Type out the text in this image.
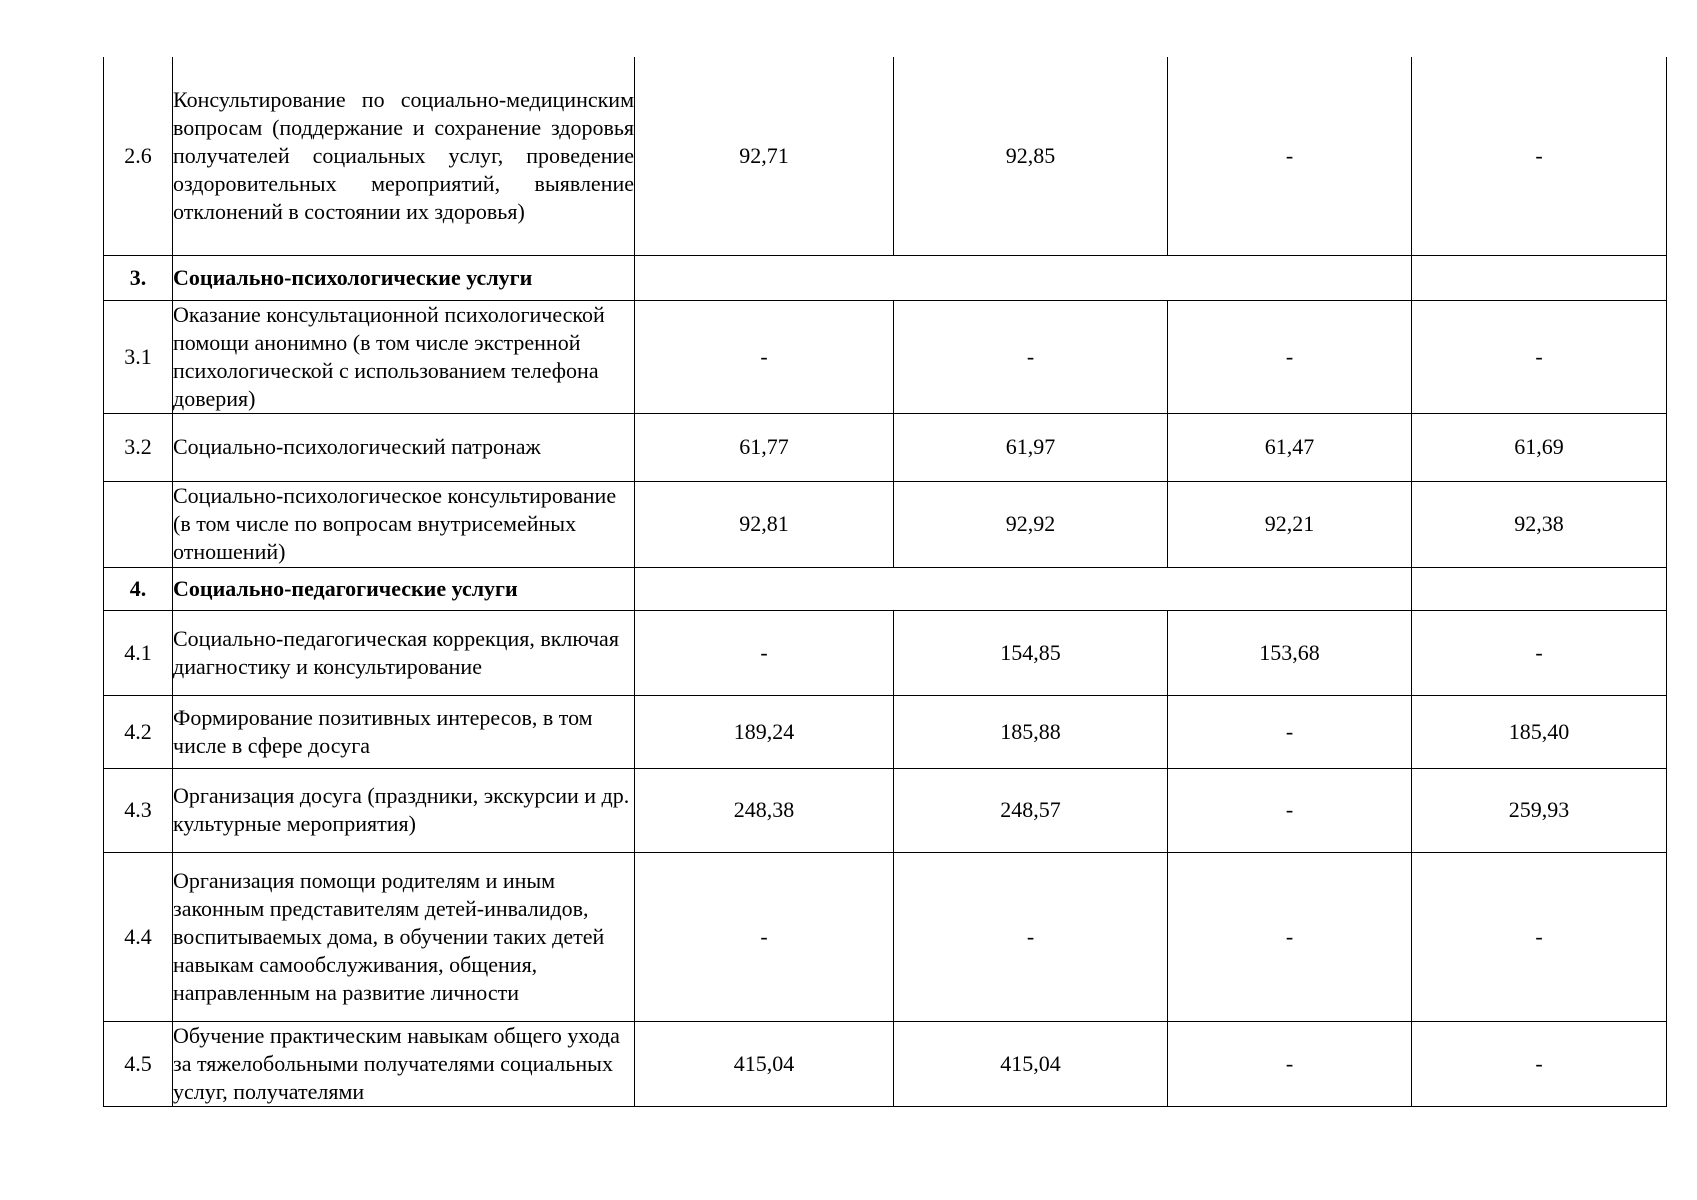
2.6	Консультирование по социально-медицинским вопросам (поддержание и сохранение здоровья получателей социальных услуг, проведение оздоровительных мероприятий, выявление отклонений в состоянии их здоровья)	92,71	92,85	-	-
3.	Социально-психологические услуги				
3.1	Оказание консультационной психологической помощи анонимно (в том числе экстренной психологической с использованием телефона доверия)	-	-	-	-
3.2	Социально-психологический патронаж	61,77	61,97	61,47	61,69
	Социально-психологическое консультирование (в том числе по вопросам внутрисемейных отношений)	92,81	92,92	92,21	92,38
4.	Социально-педагогические услуги				
4.1	Социально-педагогическая коррекция, включая диагностику и консультирование	-	154,85	153,68	-
4.2	Формирование позитивных интересов, в том числе в сфере досуга	189,24	185,88	-	185,40
4.3	Организация досуга (праздники, экскурсии и др. культурные мероприятия)	248,38	248,57	-	259,93
4.4	Организация помощи родителям и иным законным представителям детей-инвалидов, воспитываемых дома, в обучении таких детей навыкам самообслуживания, общения, направленным на развитие личности	-	-	-	-
4.5	Обучение практическим навыкам общего ухода за тяжелобольными получателями социальных услуг, получателями	415,04	415,04	-	-
